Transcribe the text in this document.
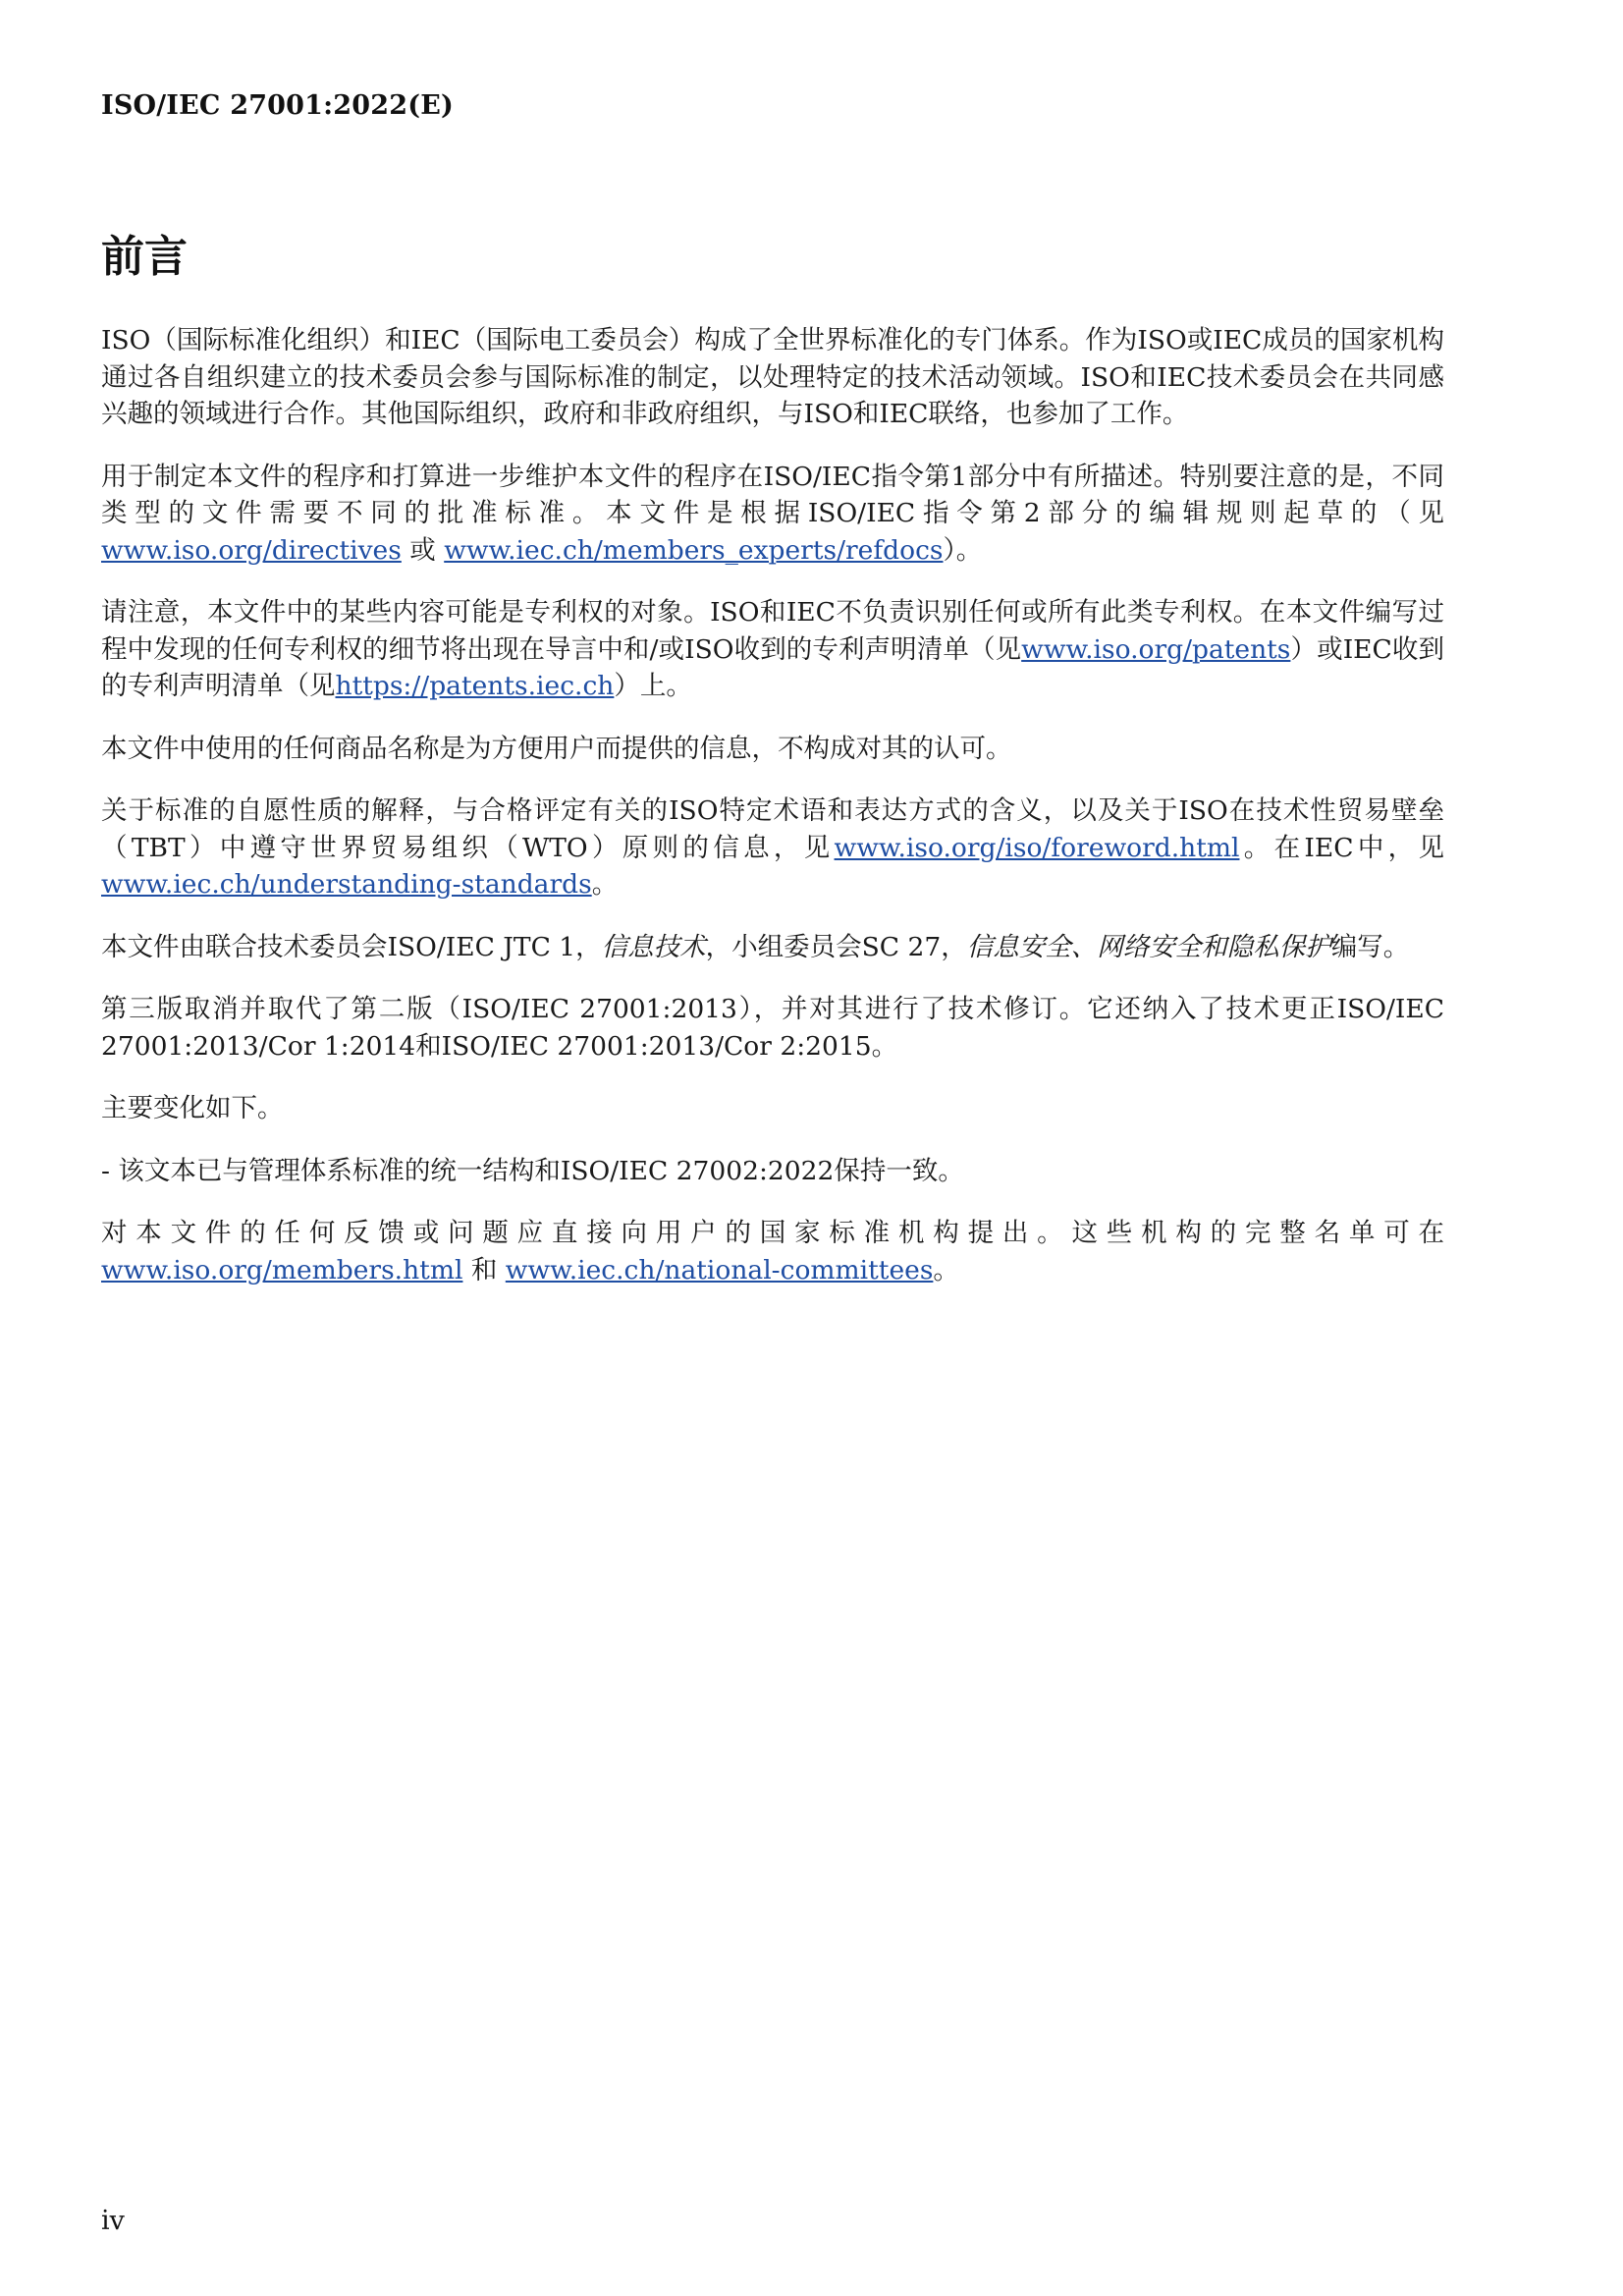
ISO/IEC 27001:2022(E)
前言

ISO（国际标准化组织）和IEC（国际电工委员会）构成了全世界标准化的专门体系。作为ISO或IEC成员的国家机构通过各自组织建立的技术委员会参与国际标准的制定，以处理特定的技术活动领域。ISO和IEC技术委员会在共同感兴趣的领域进行合作。其他国际组织，政府和非政府组织，与ISO和IEC联络，也参加了工作。

用于制定本文件的程序和打算进一步维护本文件的程序在ISO/IEC指令第1部分中有所描述。特别要注意的是，不同类型的文件需要不同的批准标准。本文件是根据ISO/IEC指令第2部分的编辑规则起草的（见www.iso.org/directives 或 www.iec.ch/members_experts/refdocs）。

请注意，本文件中的某些内容可能是专利权的对象。ISO和IEC不负责识别任何或所有此类专利权。在本文件编写过程中发现的任何专利权的细节将出现在导言中和/或ISO收到的专利声明清单（见www.iso.org/patents）或IEC收到的专利声明清单（见https://patents.iec.ch）上。

本文件中使用的任何商品名称是为方便用户而提供的信息，不构成对其的认可。

关于标准的自愿性质的解释，与合格评定有关的ISO特定术语和表达方式的含义，以及关于ISO在技术性贸易壁垒（TBT）中遵守世界贸易组织（WTO）原则的信息，见www.iso.org/iso/foreword.html。在IEC中，见www.iec.ch/understanding-standards。

本文件由联合技术委员会ISO/IEC JTC 1，信息技术，小组委员会SC 27，信息安全、网络安全和隐私保护编写。

第三版取消并取代了第二版（ISO/IEC 27001:2013），并对其进行了技术修订。它还纳入了技术更正ISO/IEC 27001:2013/Cor 1:2014和ISO/IEC 27001:2013/Cor 2:2015。

主要变化如下。

- 该文本已与管理体系标准的统一结构和ISO/IEC 27002:2022保持一致。

对本文件的任何反馈或问题应直接向用户的国家标准机构提出。这些机构的完整名单可在www.iso.org/members.html 和 www.iec.ch/national-committees。

iv
